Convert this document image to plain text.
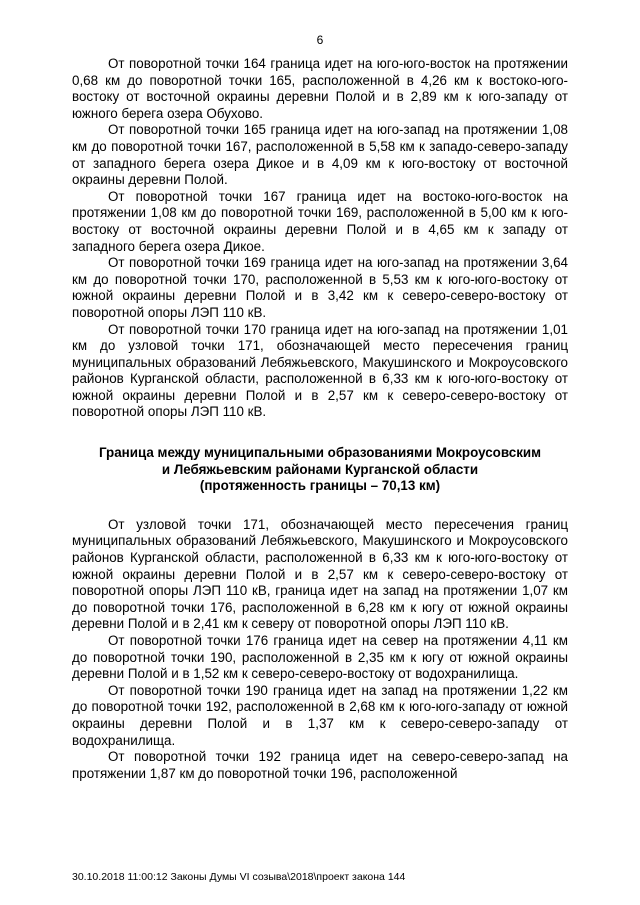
6

От поворотной точки 164 граница идет на юго-юго-восток на протяжении 0,68 км до поворотной точки 165, расположенной в 4,26 км к востоко-юго-востоку от восточной окраины деревни Полой и в 2,89 км к юго-западу от южного берега озера Обухово.

От поворотной точки 165 граница идет на юго-запад на протяжении 1,08 км до поворотной точки 167, расположенной в 5,58 км к западо-северо-западу от западного берега озера Дикое и в 4,09 км к юго-востоку от восточной окраины деревни Полой.

От поворотной точки 167 граница идет на востоко-юго-восток на протяжении 1,08 км до поворотной точки 169, расположенной в 5,00 км к юго-востоку от восточной окраины деревни Полой и в 4,65 км к западу от западного берега озера Дикое.

От поворотной точки 169 граница идет на юго-запад на протяжении 3,64 км до поворотной точки 170, расположенной в 5,53 км к юго-юго-востоку от южной окраины деревни Полой и в 3,42 км к северо-северо-востоку от поворотной опоры ЛЭП 110 кВ.

От поворотной точки 170 граница идет на юго-запад на протяжении 1,01 км до узловой точки 171, обозначающей место пересечения границ муниципальных образований Лебяжьевского, Макушинского и Мокроусовского районов Курганской области, расположенной в 6,33 км к юго-юго-востоку от южной окраины деревни Полой и в 2,57 км к северо-северо-востоку от поворотной опоры ЛЭП 110 кВ.

Граница между муниципальными образованиями Мокроусовским
и Лебяжьевским районами Курганской области
(протяженность границы – 70,13 км)

От узловой точки 171, обозначающей место пересечения границ муниципальных образований Лебяжьевского, Макушинского и Мокроусовского районов Курганской области, расположенной в 6,33 км к юго-юго-востоку от южной окраины деревни Полой и в 2,57 км к северо-северо-востоку от поворотной опоры ЛЭП 110 кВ, граница идет на запад на протяжении 1,07 км до поворотной точки 176, расположенной в 6,28 км к югу от южной окраины деревни Полой и в 2,41 км к северу от поворотной опоры ЛЭП 110 кВ.

От поворотной точки 176 граница идет на север на протяжении 4,11 км до поворотной точки 190, расположенной в 2,35 км к югу от южной окраины деревни Полой и в 1,52 км к северо-северо-востоку от водохранилища.

От поворотной точки 190 граница идет на запад на протяжении 1,22 км до поворотной точки 192, расположенной в 2,68 км к юго-юго-западу от южной окраины деревни Полой и в 1,37 км к северо-северо-западу от водохранилища.

От поворотной точки 192 граница идет на северо-северо-запад на протяжении 1,87 км до поворотной точки 196, расположенной

30.10.2018 11:00:12 Законы Думы VI созыва\2018\проект закона 144
